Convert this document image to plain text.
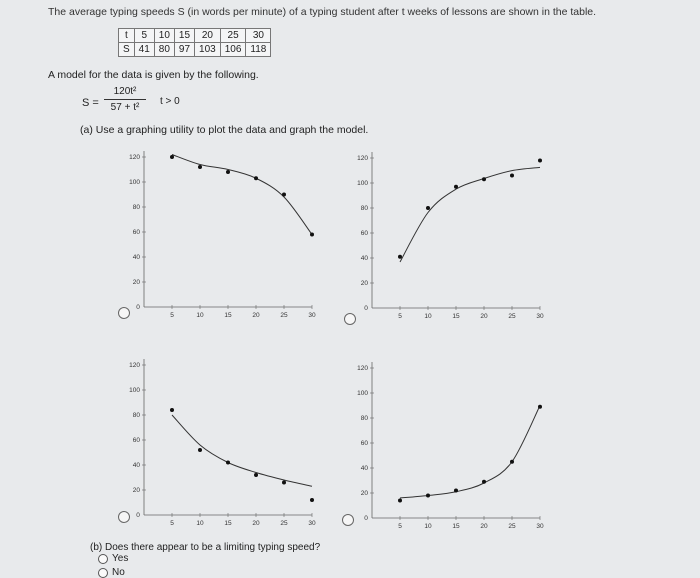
The average typing speeds S (in words per minute) of a typing student after t weeks of lessons are shown in the table.
t	5	10	15	20	25	30
S	41	80	97	103	106	118
A model for the data is given by the following.
$S = \frac{\text{120t²}}{\text{57 + t²}}$ t > 0
(a) Use a graphing utility to plot the data and graph the model.
0
5	10	15	20	25	30
20
40
60
80
100
120
0
5	10	15	20	25	30
20
40
60
80
100
120
0
5	10	15	20	25	30
20
40
60
80
100
120
0
5	10	15	20	25	30
20
40
60
80
100
120
(b) Does there appear to be a limiting typing speed?
Yes
No
